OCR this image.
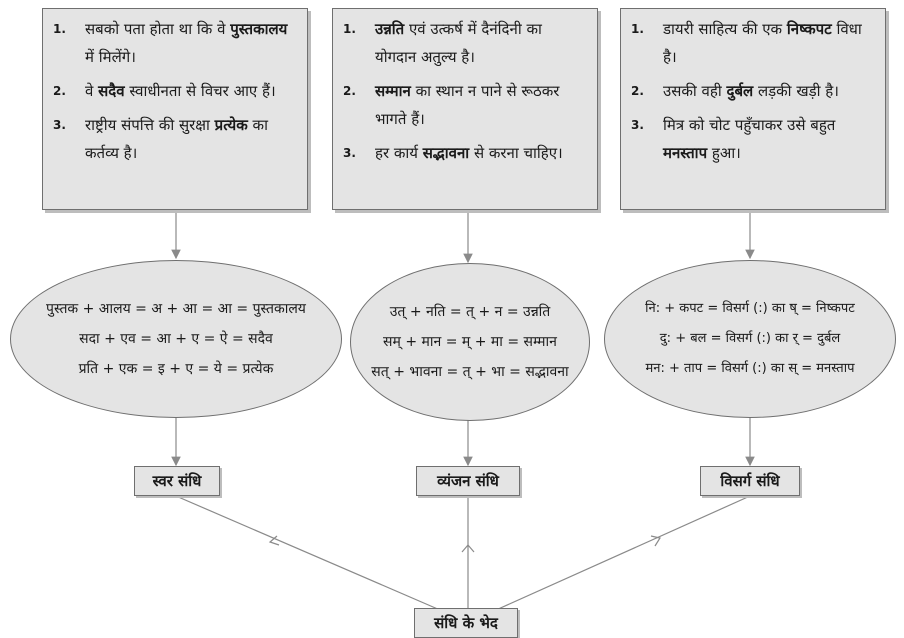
1.	सबको पता होता था कि वे पुस्तकालय में मिलेंगे।
2.	वे सदैव स्वाधीनता से विचर आए हैं।
3.	राष्ट्रीय संपत्ति की सुरक्षा प्रत्येक का कर्तव्य है।
1.	उन्नति एवं उत्कर्ष में दैनंदिनी का योगदान अतुल्य है।
2.	सम्मान का स्थान न पाने से रूठकर भागते हैं।
3.	हर कार्य सद्भावना से करना चाहिए।
1.	डायरी साहित्य की एक निष्कपट विधा है।
2.	उसकी वही दुर्बल लड़की खड़ी है।
3.	मित्र को चोट पहुँचाकर उसे बहुत मनस्ताप हुआ।
पुस्तक + आलय = अ + आ = आ = पुस्तकालय
सदा + एव = आ + ए = ऐ = सदैव
प्रति + एक = इ + ए = ये = प्रत्येक
उत् + नति = त् + न = उन्नति
सम् + मान = म् + मा = सम्मान
सत् + भावना = त् + भा = सद्भावना
नि: + कपट = विसर्ग (:) का ष् = निष्कपट
दु: + बल = विसर्ग (:) का र् = दुर्बल
मन: + ताप = विसर्ग (:) का स् = मनस्ताप
स्वर संधि	व्यंजन संधि	विसर्ग संधि
संधि के भेद
